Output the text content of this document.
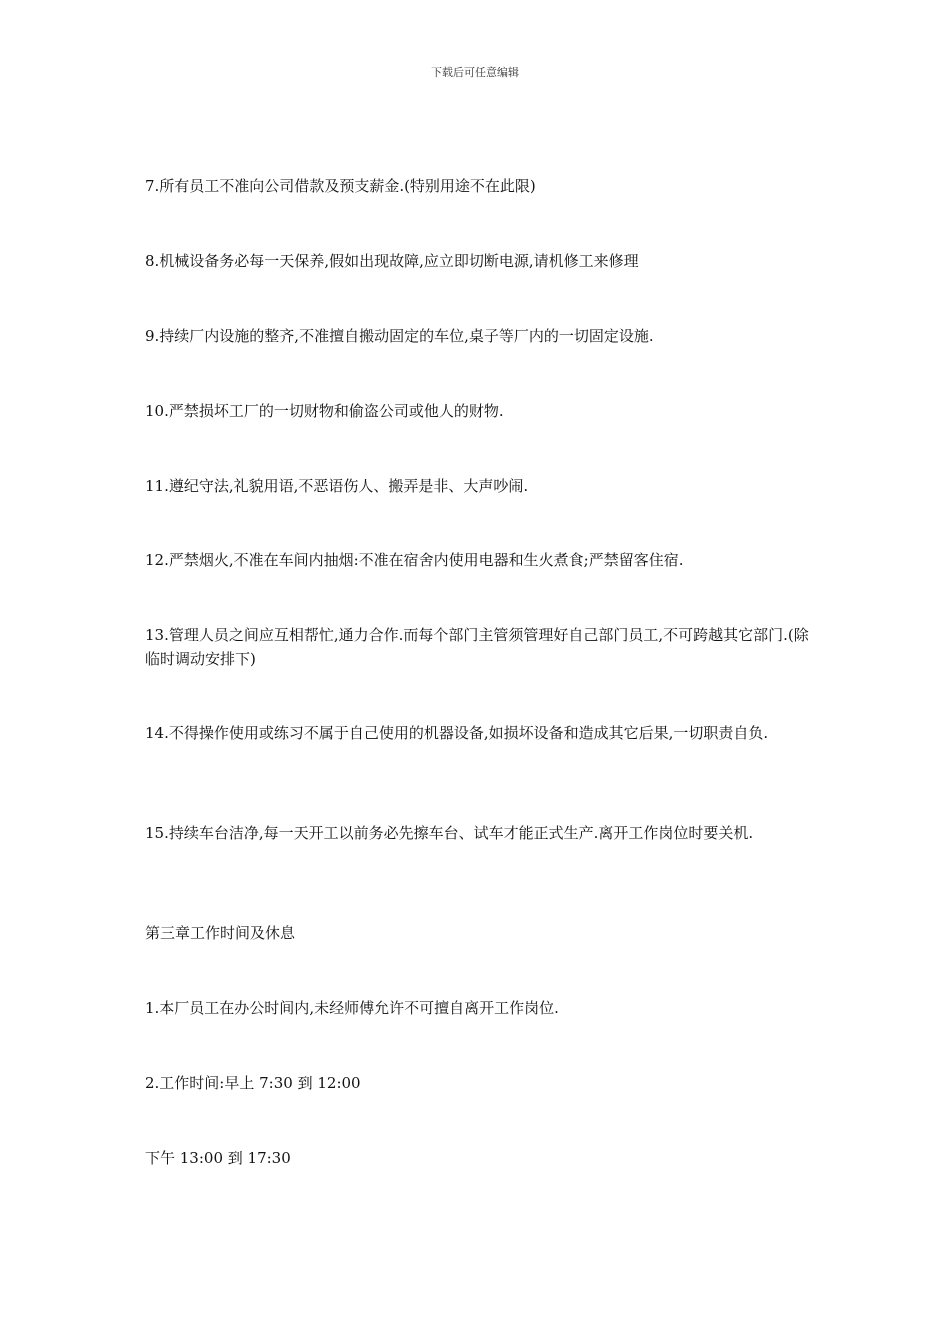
下载后可任意编辑
7.所有员工不准向公司借款及预支薪金.(特别用途不在此限)
8.机械设备务必每一天保养,假如出现故障,应立即切断电源,请机修工来修理
9.持续厂内设施的整齐,不准擅自搬动固定的车位,桌子等厂内的一切固定设施.
10.严禁损坏工厂的一切财物和偷盗公司或他人的财物.
11.遵纪守法,礼貌用语,不恶语伤人、搬弄是非、大声吵闹.
12.严禁烟火,不准在车间内抽烟:不准在宿舍内使用电器和生火煮食;严禁留客住宿.
13.管理人员之间应互相帮忙,通力合作.而每个部门主管须管理好自己部门员工,不可跨越其它部门.(除临时调动安排下)
14.不得操作使用或练习不属于自己使用的机器设备,如损坏设备和造成其它后果,一切职责自负.
15.持续车台洁净,每一天开工以前务必先擦车台、试车才能正式生产.离开工作岗位时要关机.
第三章工作时间及休息
1.本厂员工在办公时间内,未经师傅允许不可擅自离开工作岗位.
2.工作时间:早上 7:30 到 12:00
下午 13:00 到 17:30
